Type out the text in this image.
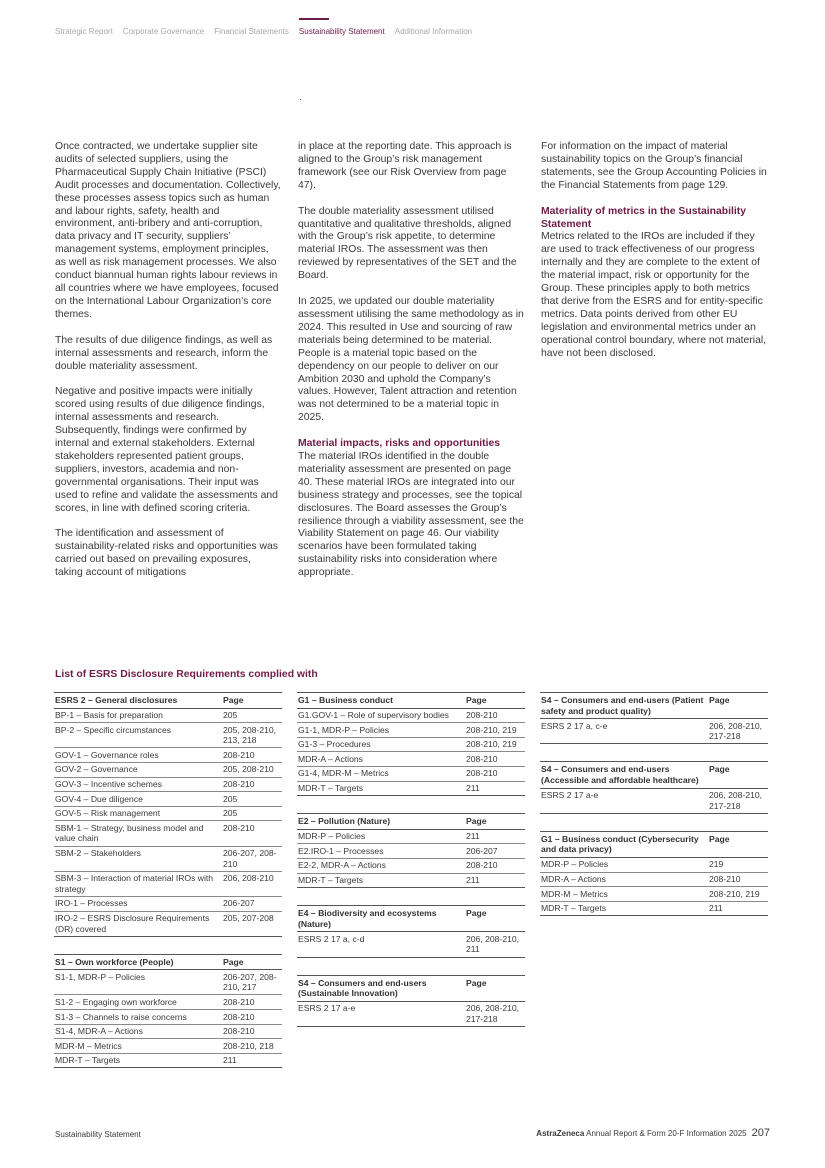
Strategic Report Corporate Governance Financial Statements Sustainability Statement Additional Information

Once contracted, we undertake supplier site audits of selected suppliers, using the Pharmaceutical Supply Chain Initiative (PSCI) Audit processes and documentation. Collectively, these processes assess topics such as human and labour rights, safety, health and environment, anti-bribery and anti-corruption, data privacy and IT security, suppliers’ management systems, employment principles, as well as risk management processes. We also conduct biannual human rights labour reviews in all countries where we have employees, focused on the International Labour Organization’s core themes.

The results of due diligence findings, as well as internal assessments and research, inform the double materiality assessment.

Negative and positive impacts were initially scored using results of due diligence findings, internal assessments and research. Subsequently, findings were confirmed by internal and external stakeholders. External stakeholders represented patient groups, suppliers, investors, academia and non-governmental organisations. Their input was used to refine and validate the assessments and scores, in line with defined scoring criteria.

The identification and assessment of sustainability-related risks and opportunities was carried out based on prevailing exposures, taking account of mitigations

in place at the reporting date. This approach is aligned to the Group’s risk management framework (see our Risk Overview from page 47).

The double materiality assessment utilised quantitative and qualitative thresholds, aligned with the Group’s risk appetite, to determine material IROs. The assessment was then reviewed by representatives of the SET and the Board.

In 2025, we updated our double materiality assessment utilising the same methodology as in 2024. This resulted in Use and sourcing of raw materials being determined to be material. People is a material topic based on the dependency on our people to deliver on our Ambition 2030 and uphold the Company’s values. However, Talent attraction and retention was not determined to be a material topic in 2025.

Material impacts, risks and opportunities

The material IROs identified in the double materiality assessment are presented on page 40. These material IROs are integrated into our business strategy and processes, see the topical disclosures. The Board assesses the Group’s resilience through a viability assessment, see the Viability Statement on page 46. Our viability scenarios have been formulated taking sustainability risks into consideration where appropriate.

For information on the impact of material sustainability topics on the Group’s financial statements, see the Group Accounting Policies in the Financial Statements from page 129.

Materiality of metrics in the Sustainability Statement

Metrics related to the IROs are included if they are used to track effectiveness of our progress internally and they are complete to the extent of the material impact, risk or opportunity for the Group. These principles apply to both metrics that derive from the ESRS and for entity-specific metrics. Data points derived from other EU legislation and environmental metrics under an operational control boundary, where not material, have not been disclosed.

List of ESRS Disclosure Requirements complied with
ESRS 2 – General disclosures	Page
BP-1 – Basis for preparation	205
BP-2 – Specific circumstances	205, 208-210, 213, 218
GOV-1 – Governance roles	208-210
GOV-2 – Governance	205, 208-210
GOV-3 – Incentive schemes	208-210
GOV-4 – Due diligence	205
GOV-5 – Risk management	205
SBM-1 – Strategy, business model and value chain	208-210
SBM-2 – Stakeholders	206-207, 208-210
SBM-3 – Interaction of material IROs with strategy	206, 208-210
IRO-1 – Processes	206-207
IRO-2 – ESRS Disclosure Requirements (DR) covered	205, 207-208
S1 – Own workforce (People)	Page
S1-1, MDR-P – Policies	206-207, 208-210, 217
S1-2 – Engaging own workforce	208-210
S1-3 – Channels to raise concerns	208-210
S1-4, MDR-A – Actions	208-210
MDR-M – Metrics	208-210, 218
MDR-T – Targets	211
G1 – Business conduct	Page
G1.GOV-1 – Role of supervisory bodies	208-210
G1-1, MDR-P – Policies	208-210, 219
G1-3 – Procedures	208-210, 219
MDR-A – Actions	208-210
G1-4, MDR-M – Metrics	208-210
MDR-T – Targets	211
E2 – Pollution (Nature)	Page
MDR-P – Policies	211
E2.IRO-1 – Processes	206-207
E2-2, MDR-A – Actions	208-210
MDR-T – Targets	211
E4 – Biodiversity and ecosystems (Nature)	Page
ESRS 2 17 a, c-d	206, 208-210, 211
S4 – Consumers and end-users (Sustainable Innovation)	Page
ESRS 2 17 a-e	206, 208-210, 217-218
S4 – Consumers and end-users (Patient safety and product quality)	Page
ESRS 2 17 a, c-e	206, 208-210, 217-218
S4 – Consumers and end-users (Accessible and affordable healthcare)	Page
ESRS 2 17 a-e	206, 208-210, 217-218
G1 – Business conduct (Cybersecurity and data privacy)	Page
MDR-P – Policies	219
MDR-A – Actions	208-210
MDR-M – Metrics	208-210, 219
MDR-T – Targets	211
Sustainability Statement	AstraZeneca Annual Report & Form 20-F Information 2025 207
